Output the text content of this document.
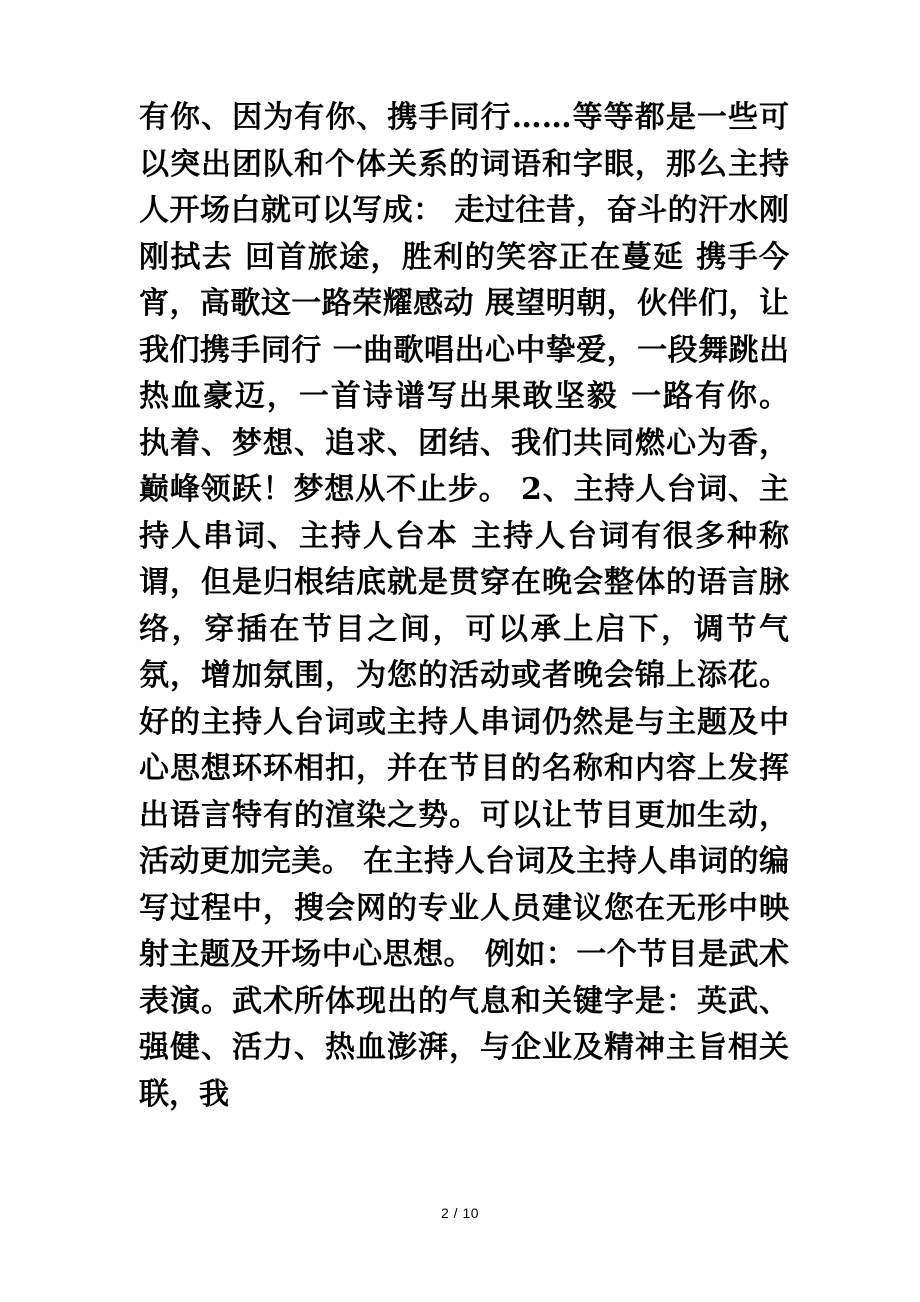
有你、因为有你、携手同行……等等都是一些可以突出团队和个体关系的词语和字眼，那么主持人开场白就可以写成： 走过往昔，奋斗的汗水刚刚拭去 回首旅途，胜利的笑容正在蔓延 携手今宵，高歌这一路荣耀感动 展望明朝，伙伴们，让我们携手同行 一曲歌唱出心中挚爱，一段舞跳出热血豪迈，一首诗谱写出果敢坚毅 一路有你。 执着、梦想、追求、团结、我们共同燃心为香，巅峰领跃！梦想从不止步。 2、主持人台词、主持人串词、主持人台本 主持人台词有很多种称谓，但是归根结底就是贯穿在晚会整体的语言脉络，穿插在节目之间，可以承上启下，调节气氛，增加氛围，为您的活动或者晚会锦上添花。好的主持人台词或主持人串词仍然是与主题及中心思想环环相扣，并在节目的名称和内容上发挥出语言特有的渲染之势。可以让节目更加生动，活动更加完美。 在主持人台词及主持人串词的编写过程中，搜会网的专业人员建议您在无形中映射主题及开场中心思想。 例如：一个节目是武术表演。武术所体现出的气息和关键字是：英武、强健、活力、热血澎湃，与企业及精神主旨相关联，我

2 / 10
